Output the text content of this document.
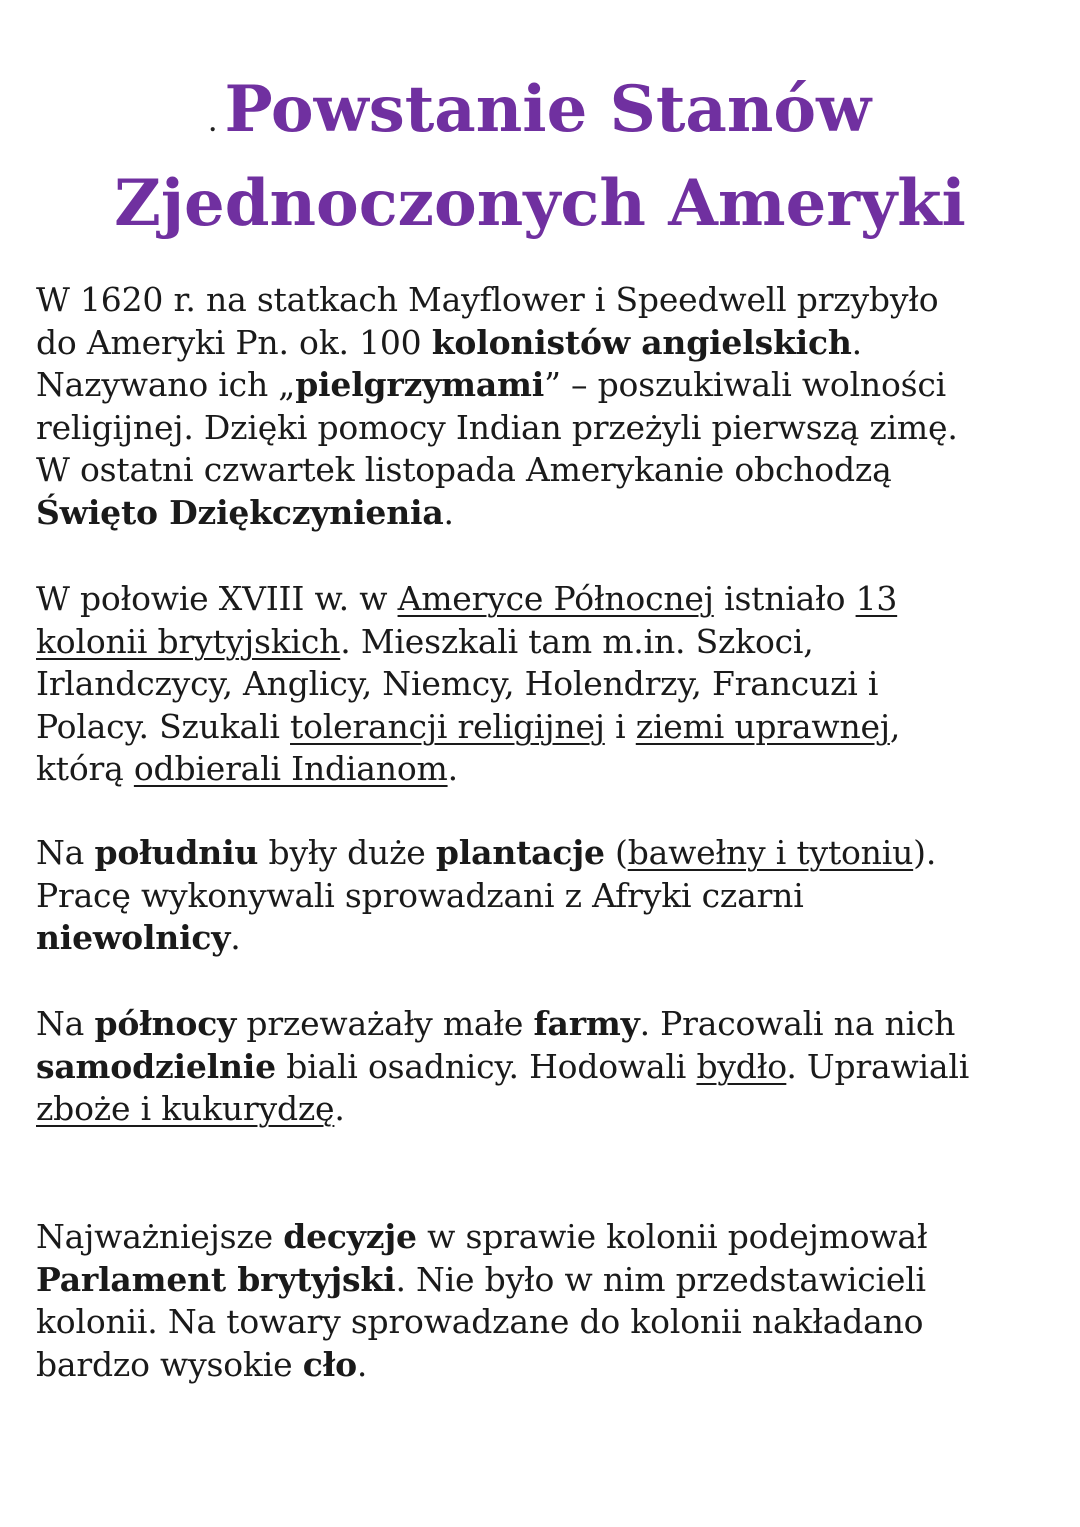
. Powstanie Stanów
Zjednoczonych Ameryki
W 1620 r. na statkach Mayflower i Speedwell przybyło
do Ameryki Pn. ok. 100 kolonistów angielskich.
Nazywano ich „pielgrzymami” – poszukiwali wolności
religijnej. Dzięki pomocy Indian przeżyli pierwszą zimę.
W ostatni czwartek listopada Amerykanie obchodzą
Święto Dziękczynienia.
W połowie XVIII w. w Ameryce Północnej istniało 13
kolonii brytyjskich. Mieszkali tam m.in. Szkoci,
Irlandczycy, Anglicy, Niemcy, Holendrzy, Francuzi i
Polacy. Szukali tolerancji religijnej i ziemi uprawnej,
którą odbierali Indianom.
Na południu były duże plantacje (bawełny i tytoniu).
Pracę wykonywali sprowadzani z Afryki czarni
niewolnicy.
Na północy przeważały małe farmy. Pracowali na nich
samodzielnie biali osadnicy. Hodowali bydło. Uprawiali
zboże i kukurydzę.
Najważniejsze decyzje w sprawie kolonii podejmował
Parlament brytyjski. Nie było w nim przedstawicieli
kolonii. Na towary sprowadzane do kolonii nakładano
bardzo wysokie cło.
